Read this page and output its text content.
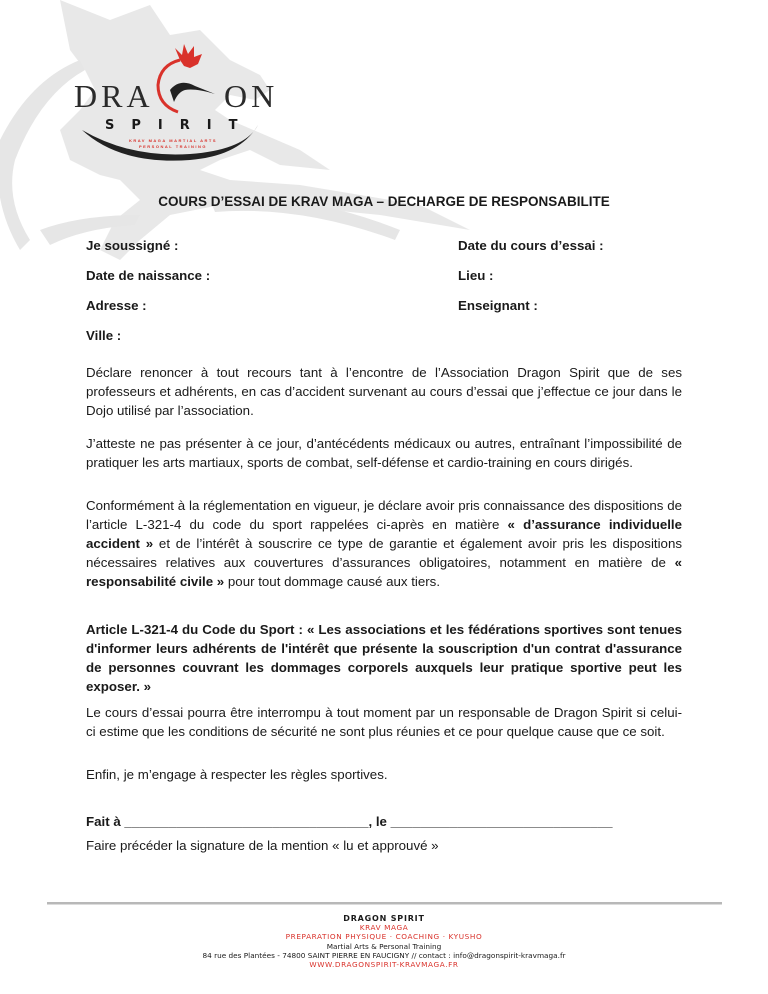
DRA ON
SPIRIT
KRAV MAGA MARTIAL ARTS
PERSONAL TRAINING
COURS D’ESSAI DE KRAV MAGA – DECHARGE DE RESPONSABILITE
Je soussigné :
Date de naissance :
Adresse :
Ville :
Date du cours d’essai :
Lieu :
Enseignant :

Déclare renoncer à tout recours tant à l’encontre de l’Association Dragon Spirit que de ses professeurs et adhérents, en cas d’accident survenant au cours d’essai que j’effectue ce jour dans le Dojo utilisé par l’association.

J’atteste ne pas présenter à ce jour, d’antécédents médicaux ou autres, entraînant l’impossibilité de pratiquer les arts martiaux, sports de combat, self-défense et cardio-training en cours dirigés.

Conformément à la réglementation en vigueur, je déclare avoir pris connaissance des dispositions de l’article L-321-4 du code du sport rappelées ci-après en matière « d’assurance individuelle accident » et de l’intérêt à souscrire ce type de garantie et également avoir pris les dispositions nécessaires relatives aux couvertures d’assurances obligatoires, notamment en matière de « responsabilité civile » pour tout dommage causé aux tiers.

Article L-321-4 du Code du Sport : « Les associations et les fédérations sportives sont tenues d'informer leurs adhérents de l'intérêt que présente la souscription d'un contrat d'assurance de personnes couvrant les dommages corporels auxquels leur pratique sportive peut les exposer. »

Le cours d’essai pourra être interrompu à tout moment par un responsable de Dragon Spirit si celui-ci estime que les conditions de sécurité ne sont plus réunies et ce pour quelque cause que ce soit.

Enfin, je m’engage à respecter les règles sportives.

Fait à _________________________________, le ______________________________
Faire précéder la signature de la mention « lu et approuvé »
DRAGON SPIRIT
KRAV MAGA
PREPARATION PHYSIQUE · COACHING · KYUSHO
Martial Arts & Personal Training
84 rue des Plantées - 74800 SAINT PIERRE EN FAUCIGNY // contact : info@dragonspirit-kravmaga.fr
WWW.DRAGONSPIRIT-KRAVMAGA.FR
